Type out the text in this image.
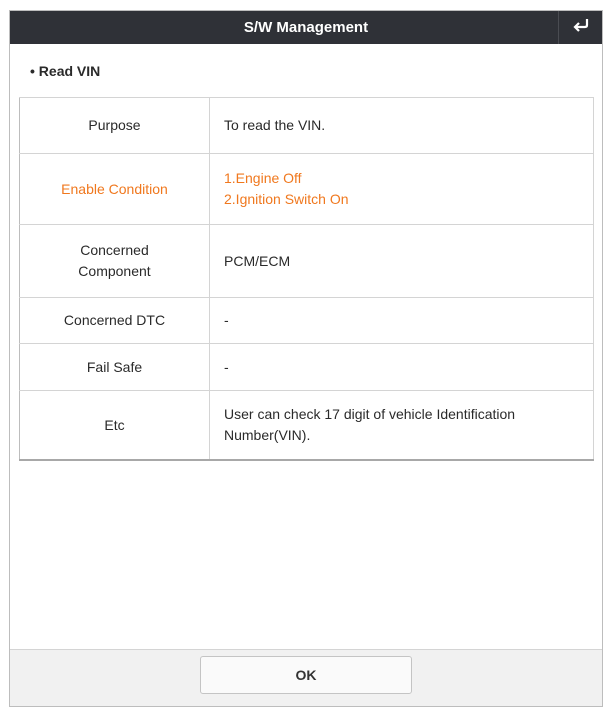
S/W Management
• Read VIN
Purpose	To read the VIN.

Enable Condition	1.Engine Off
2.Ignition Switch On

Concerned
Component	PCM/ECM

Concerned DTC	-

Fail Safe	-

Etc	User can check 17 digit of vehicle Identification
Number(VIN).
OK
